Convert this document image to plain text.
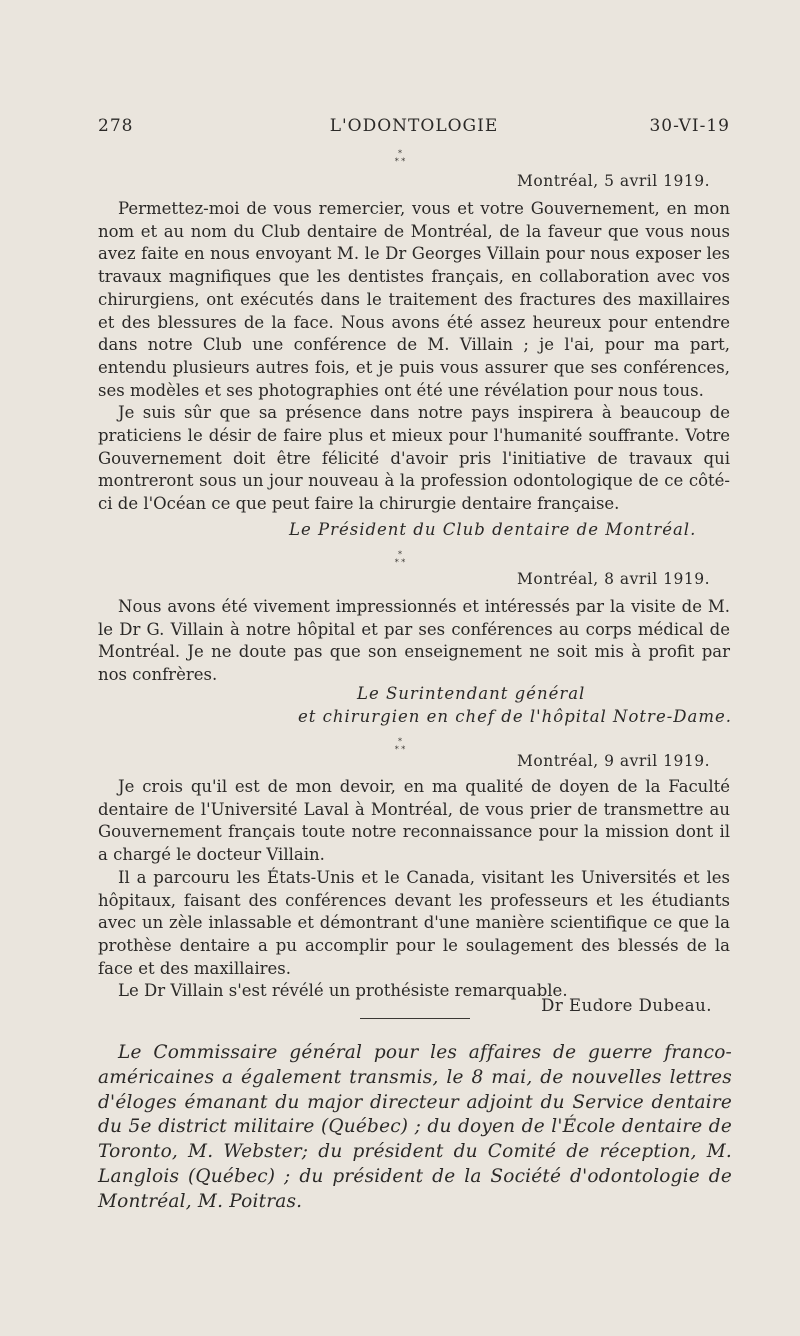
278	L'ODONTOLOGIE	30-VI-19
*
* *
Montréal, 5 avril 1919.

Permettez-moi de vous remercier, vous et votre Gouvernement, en mon nom et au nom du Club dentaire de Montréal, de la faveur que vous nous avez faite en nous envoyant M. le Dr Georges Villain pour nous exposer les travaux magnifiques que les dentistes français, en collaboration avec vos chirurgiens, ont exécutés dans le traitement des fractures des maxillaires et des blessures de la face. Nous avons été assez heureux pour entendre dans notre Club une conférence de M. Villain ; je l'ai, pour ma part, entendu plusieurs autres fois, et je puis vous assurer que ses conférences, ses modèles et ses photographies ont été une révélation pour nous tous.

Je suis sûr que sa présence dans notre pays inspirera à beaucoup de praticiens le désir de faire plus et mieux pour l'humanité souffrante. Votre Gouvernement doit être félicité d'avoir pris l'initiative de travaux qui montreront sous un jour nouveau à la profession odontologique de ce côté-ci de l'Océan ce que peut faire la chirurgie dentaire française.

Le Président du Club dentaire de Montréal.
*
* *
Montréal, 8 avril 1919.

Nous avons été vivement impressionnés et intéressés par la visite de M. le Dr G. Villain à notre hôpital et par ses conférences au corps médical de Montréal. Je ne doute pas que son enseignement ne soit mis à profit par nos confrères.

Le Surintendant général
et chirurgien en chef de l'hôpital Notre-Dame.
*
* *
Montréal, 9 avril 1919.

Je crois qu'il est de mon devoir, en ma qualité de doyen de la Faculté dentaire de l'Université Laval à Montréal, de vous prier de transmettre au Gouvernement français toute notre reconnaissance pour la mission dont il a chargé le docteur Villain.

Il a parcouru les États-Unis et le Canada, visitant les Universités et les hôpitaux, faisant des conférences devant les professeurs et les étudiants avec un zèle inlassable et démontrant d'une manière scientifique ce que la prothèse dentaire a pu accomplir pour le soulagement des blessés de la face et des maxillaires.

Le Dr Villain s'est révélé un prothésiste remarquable.

Dr Eudore Dubeau.
Le Commissaire général pour les affaires de guerre franco-américaines a également transmis, le 8 mai, de nouvelles lettres d'éloges émanant du major directeur adjoint du Service dentaire du 5e district militaire (Québec) ; du doyen de l'École dentaire de Toronto, M. Webster; du président du Comité de réception, M. Langlois (Québec) ; du président de la Société d'odontologie de Montréal, M. Poitras.
